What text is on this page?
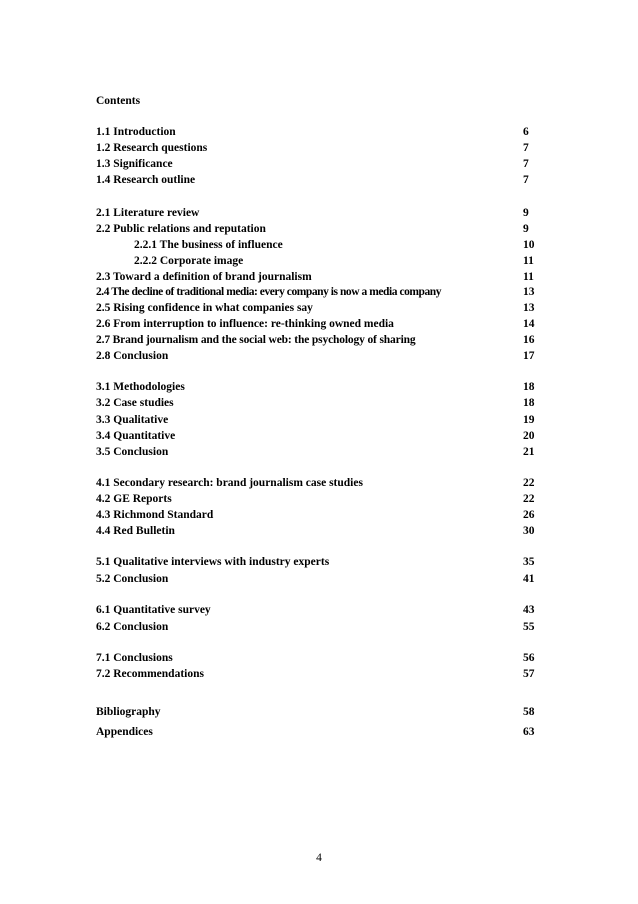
Contents
1.1 Introduction	6
1.2 Research questions	7
1.3 Significance	7
1.4 Research outline	7
2.1 Literature review	9
2.2 Public relations and reputation	9
2.2.1 The business of influence	10
2.2.2 Corporate image	11
2.3 Toward a definition of brand journalism	11
2.4 The decline of traditional media: every company is now a media company	13
2.5 Rising confidence in what companies say	13
2.6 From interruption to influence: re-thinking owned media	14
2.7 Brand journalism and the social web: the psychology of sharing	16
2.8 Conclusion	17
3.1 Methodologies	18
3.2 Case studies	18
3.3 Qualitative	19
3.4 Quantitative	20
3.5 Conclusion	21
4.1 Secondary research: brand journalism case studies	22
4.2 GE Reports	22
4.3 Richmond Standard	26
4.4 Red Bulletin	30
5.1 Qualitative interviews with industry experts	35
5.2 Conclusion	41
6.1 Quantitative survey	43
6.2 Conclusion	55
7.1 Conclusions	56
7.2 Recommendations	57
Bibliography	58
Appendices	63
4
